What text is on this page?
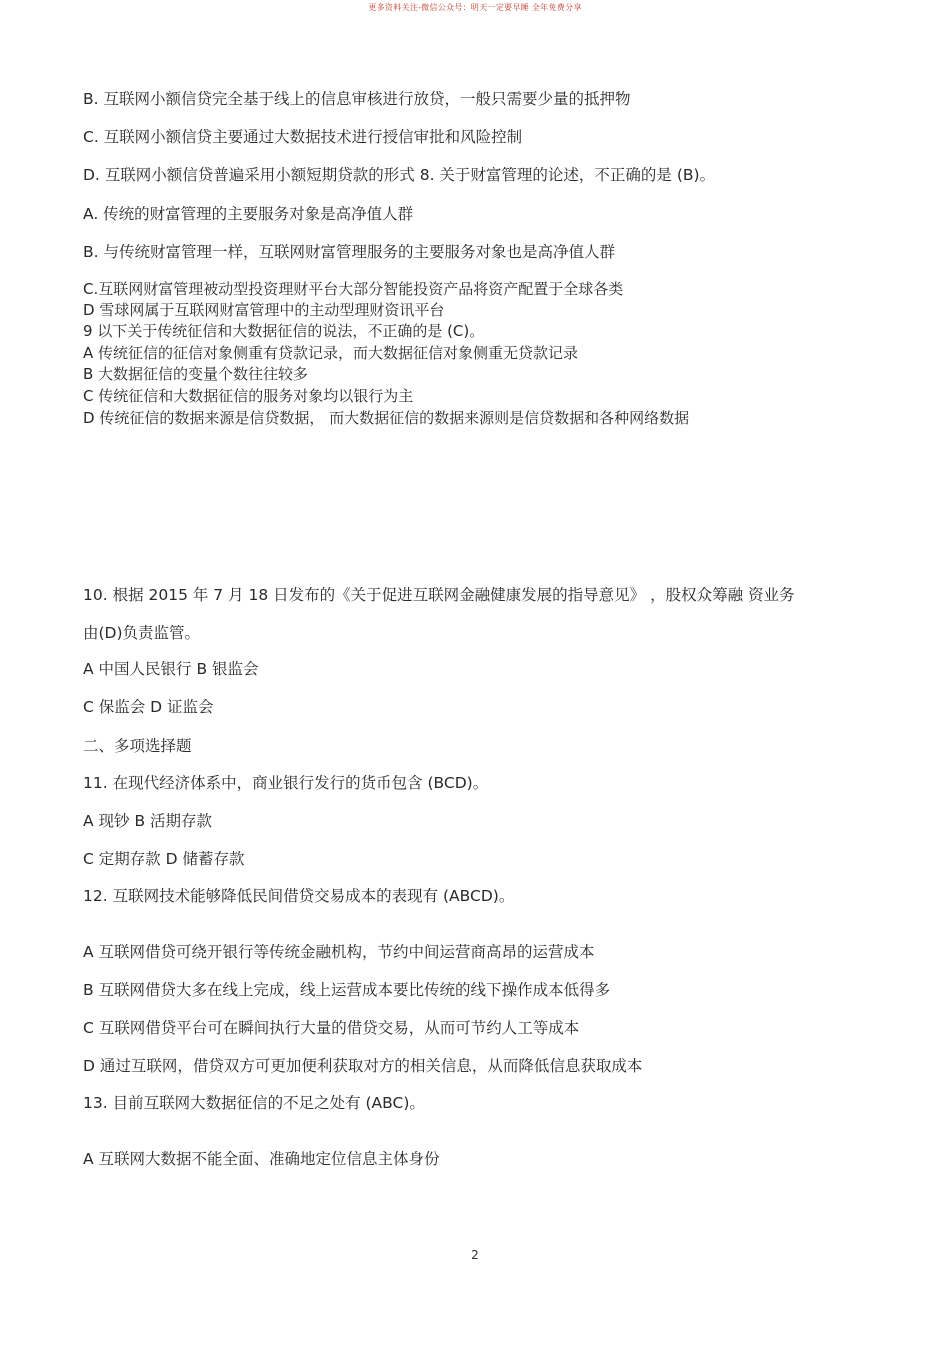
更多资料关注-微信公众号：明天一定要早睡 全年免费分享
B. 互联网小额信贷完全基于线上的信息审核进行放贷，一般只需要少量的抵押物
C. 互联网小额信贷主要通过大数据技术进行授信审批和风险控制
D. 互联网小额信贷普遍采用小额短期贷款的形式 8. 关于财富管理的论述，不正确的是 (B)。
A. 传统的财富管理的主要服务对象是高净值人群
B. 与传统财富管理一样，互联网财富管理服务的主要服务对象也是高净值人群
C.互联网财富管理被动型投资理财平台大部分智能投资产品将资产配置于全球各类
D 雪球网属于互联网财富管理中的主动型理财资讯平台
9 以下关于传统征信和大数据征信的说法，不正确的是 (C)。
A 传统征信的征信对象侧重有贷款记录，而大数据征信对象侧重无贷款记录
B 大数据征信的变量个数往往较多
C 传统征信和大数据征信的服务对象均以银行为主
D 传统征信的数据来源是信贷数据， 而大数据征信的数据来源则是信贷数据和各种网络数据
10. 根据 2015 年 7 月 18 日发布的《关于促进互联网金融健康发展的指导意见》 ，股权众筹融 资业务
由(D)负责监管。
A 中国人民银行 B 银监会
C 保监会 D 证监会
二、多项选择题
11. 在现代经济体系中，商业银行发行的货币包含 (BCD)。
A 现钞 B 活期存款
C 定期存款 D 储蓄存款
12. 互联网技术能够降低民间借贷交易成本的表现有 (ABCD)。
A 互联网借贷可绕开银行等传统金融机构，节约中间运营商高昂的运营成本
B 互联网借贷大多在线上完成，线上运营成本要比传统的线下操作成本低得多
C 互联网借贷平台可在瞬间执行大量的借贷交易，从而可节约人工等成本
D 通过互联网，借贷双方可更加便利获取对方的相关信息，从而降低信息获取成本
13. 目前互联网大数据征信的不足之处有 (ABC)。
A 互联网大数据不能全面、准确地定位信息主体身份
2
